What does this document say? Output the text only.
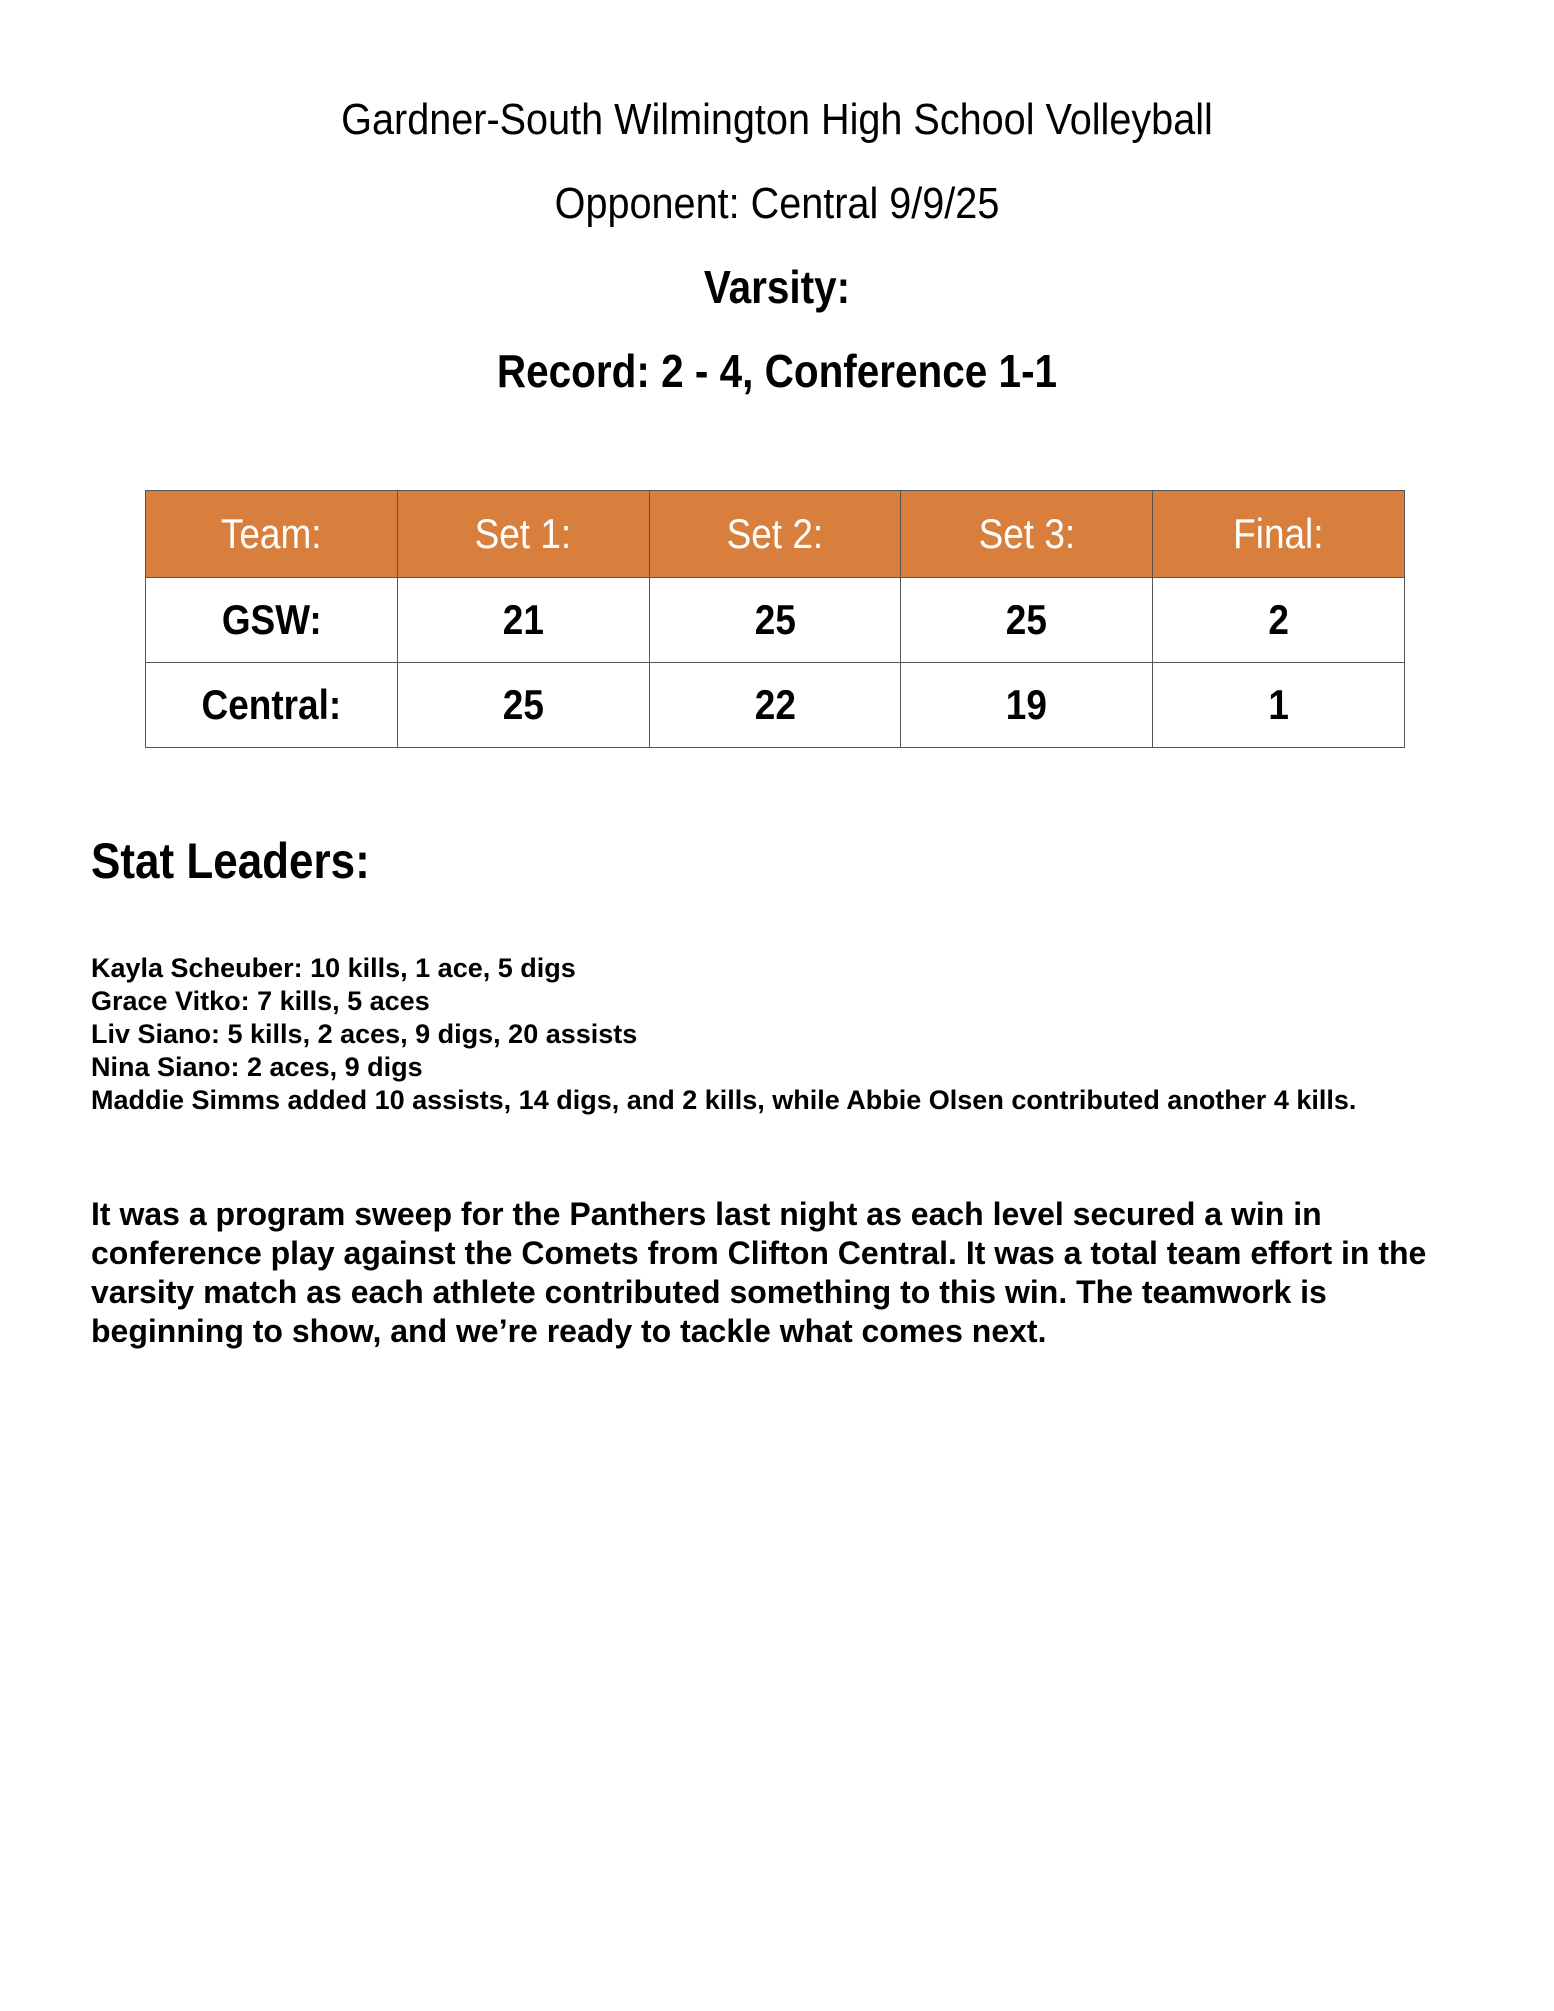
Gardner-South Wilmington High School Volleyball
Opponent: Central 9/9/25
Varsity:
Record: 2 - 4, Conference 1-1
Team:	Set 1:	Set 2:	Set 3:	Final:
GSW:	21	25	25	2
Central:	25	22	19	1
Stat Leaders:
Kayla Scheuber: 10 kills, 1 ace, 5 digs
Grace Vitko: 7 kills, 5 aces
Liv Siano: 5 kills, 2 aces, 9 digs, 20 assists
Nina Siano: 2 aces, 9 digs
Maddie Simms added 10 assists, 14 digs, and 2 kills, while Abbie Olsen contributed another 4 kills.

It was a program sweep for the Panthers last night as each level secured a win in conference play against the Comets from Clifton Central. It was a total team effort in the varsity match as each athlete contributed something to this win. The teamwork is beginning to show, and we’re ready to tackle what comes next.
